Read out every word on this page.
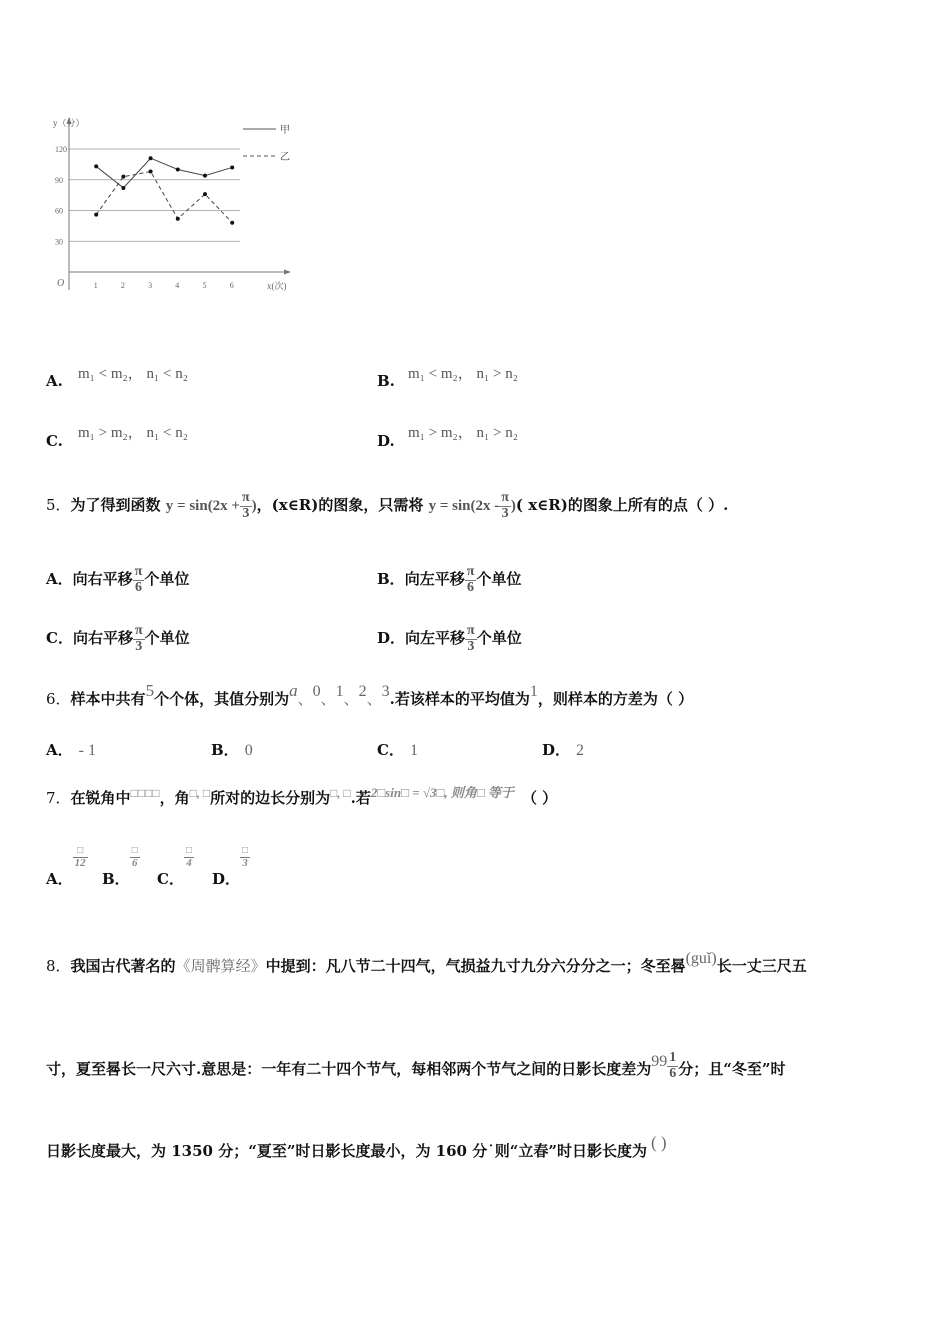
y（分）
x(次)
O
30
60
90
120
1	2	3	4	5	6
甲
乙
A. m₁ < m₂， n₁ < n₂	B. m₁ < m₂， n₁ > n₂
C. m₁ > m₂， n₁ < n₂	D. m₁ > m₂， n₁ > n₂
5．为了得到函数 $y = \sin(2x + \frac{\pi}{3}$ )，(x∈R)的图象，只需将 $y = \sin(2x - \frac{\pi}{3}$ )( x∈R)的图象上所有的点（ ）.
A．向右平移 $\frac{\pi}{6}$ 个单位	B．向左平移 $\frac{\pi}{6}$ 个单位
C．向右平移 $\frac{\pi}{3}$ 个单位	D．向左平移 $\frac{\pi}{3}$ 个单位
6．样本中共有5个个体，其值分别为a、0、1、2、3.若该样本的平均值为1，则样本的方差为（ ）
A． - 1	B． 0	C． 1	D． 2
7．在锐角中□□□□，角□, □所对的边长分别为□, □.若2□sin□ = √3□, 则角□ 等于 （ ）
A．
$\frac{□}{12}$
B．
$\frac{□}{6}$
C．
$\frac{□}{4}$
D．
$\frac{□}{3}$
8．我国古代著名的《周髀算经》中提到：凡八节二十四气，气损益九寸九分六分分之一；冬至晷(guǐ)长一丈三尺五
寸，夏至晷长一尺六寸.意思是：一年有二十四个节气，每相邻两个节气之间的日影长度差为$99 \frac{1}{6}$ 分；且“冬至”时
日影长度最大，为 1350 分；“夏至”时日影长度最小，为 160 分˙则“立春”时日影长度为 ( )
